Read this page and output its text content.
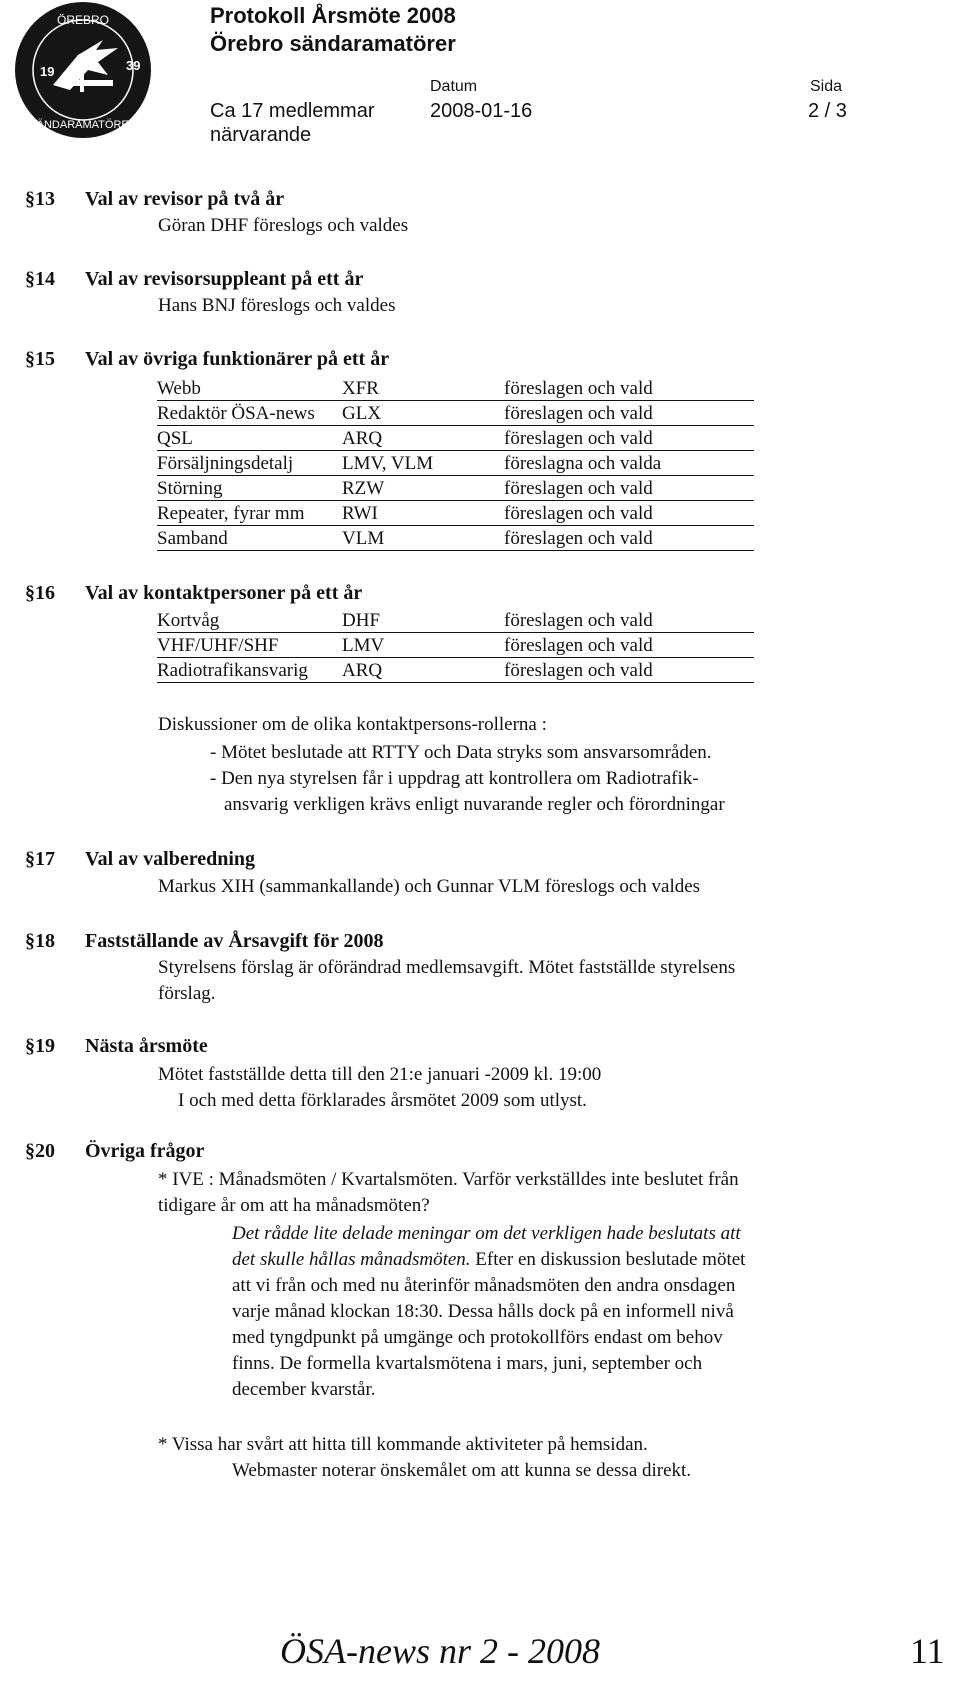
ÖREBRO
SÄNDARAMATÖRER
19	39
Protokoll Årsmöte 2008
Örebro sändaramatörer
Ca 17 medlemmar
närvarande
Datum
2008-01-16
Sida
2 / 3
§13 Val av revisor på två år
Göran DHF föreslogs och valdes
§14 Val av revisorsuppleant på ett år
Hans BNJ föreslogs och valdes
§15 Val av övriga funktionärer på ett år
Webb	XFR	föreslagen och vald
Redaktör ÖSA-news	GLX	föreslagen och vald
QSL	ARQ	föreslagen och vald
Försäljningsdetalj	LMV, VLM	föreslagna och valda
Störning	RZW	föreslagen och vald
Repeater, fyrar mm	RWI	föreslagen och vald
Samband	VLM	föreslagen och vald
§16 Val av kontaktpersoner på ett år
Kortvåg	DHF	föreslagen och vald
VHF/UHF/SHF	LMV	föreslagen och vald
Radiotrafikansvarig	ARQ	föreslagen och vald
Diskussioner om de olika kontaktpersons-rollerna :
- Mötet beslutade att RTTY och Data stryks som ansvarsområden.
- Den nya styrelsen får i uppdrag att kontrollera om Radiotrafik-
ansvarig verkligen krävs enligt nuvarande regler och förordningar
§17 Val av valberedning
Markus XIH (sammankallande) och Gunnar VLM föreslogs och valdes
§18 Fastställande av Årsavgift för 2008
Styrelsens förslag är oförändrad medlemsavgift. Mötet fastställde styrelsens
förslag.
§19 Nästa årsmöte
Mötet fastställde detta till den 21:e januari -2009 kl. 19:00
I och med detta förklarades årsmötet 2009 som utlyst.
§20 Övriga frågor
* IVE : Månadsmöten / Kvartalsmöten. Varför verkställdes inte beslutet från
tidigare år om att ha månadsmöten?
Det rådde lite delade meningar om det verkligen hade beslutats att
det skulle hållas månadsmöten. Efter en diskussion beslutade mötet
att vi från och med nu återinför månadsmöten den andra onsdagen
varje månad klockan 18:30. Dessa hålls dock på en informell nivå
med tyngdpunkt på umgänge och protokollförs endast om behov
finns. De formella kvartalsmötena i mars, juni, september och
december kvarstår.
* Vissa har svårt att hitta till kommande aktiviteter på hemsidan.
Webmaster noterar önskemålet om att kunna se dessa direkt.
ÖSA-news nr 2 - 2008	11
